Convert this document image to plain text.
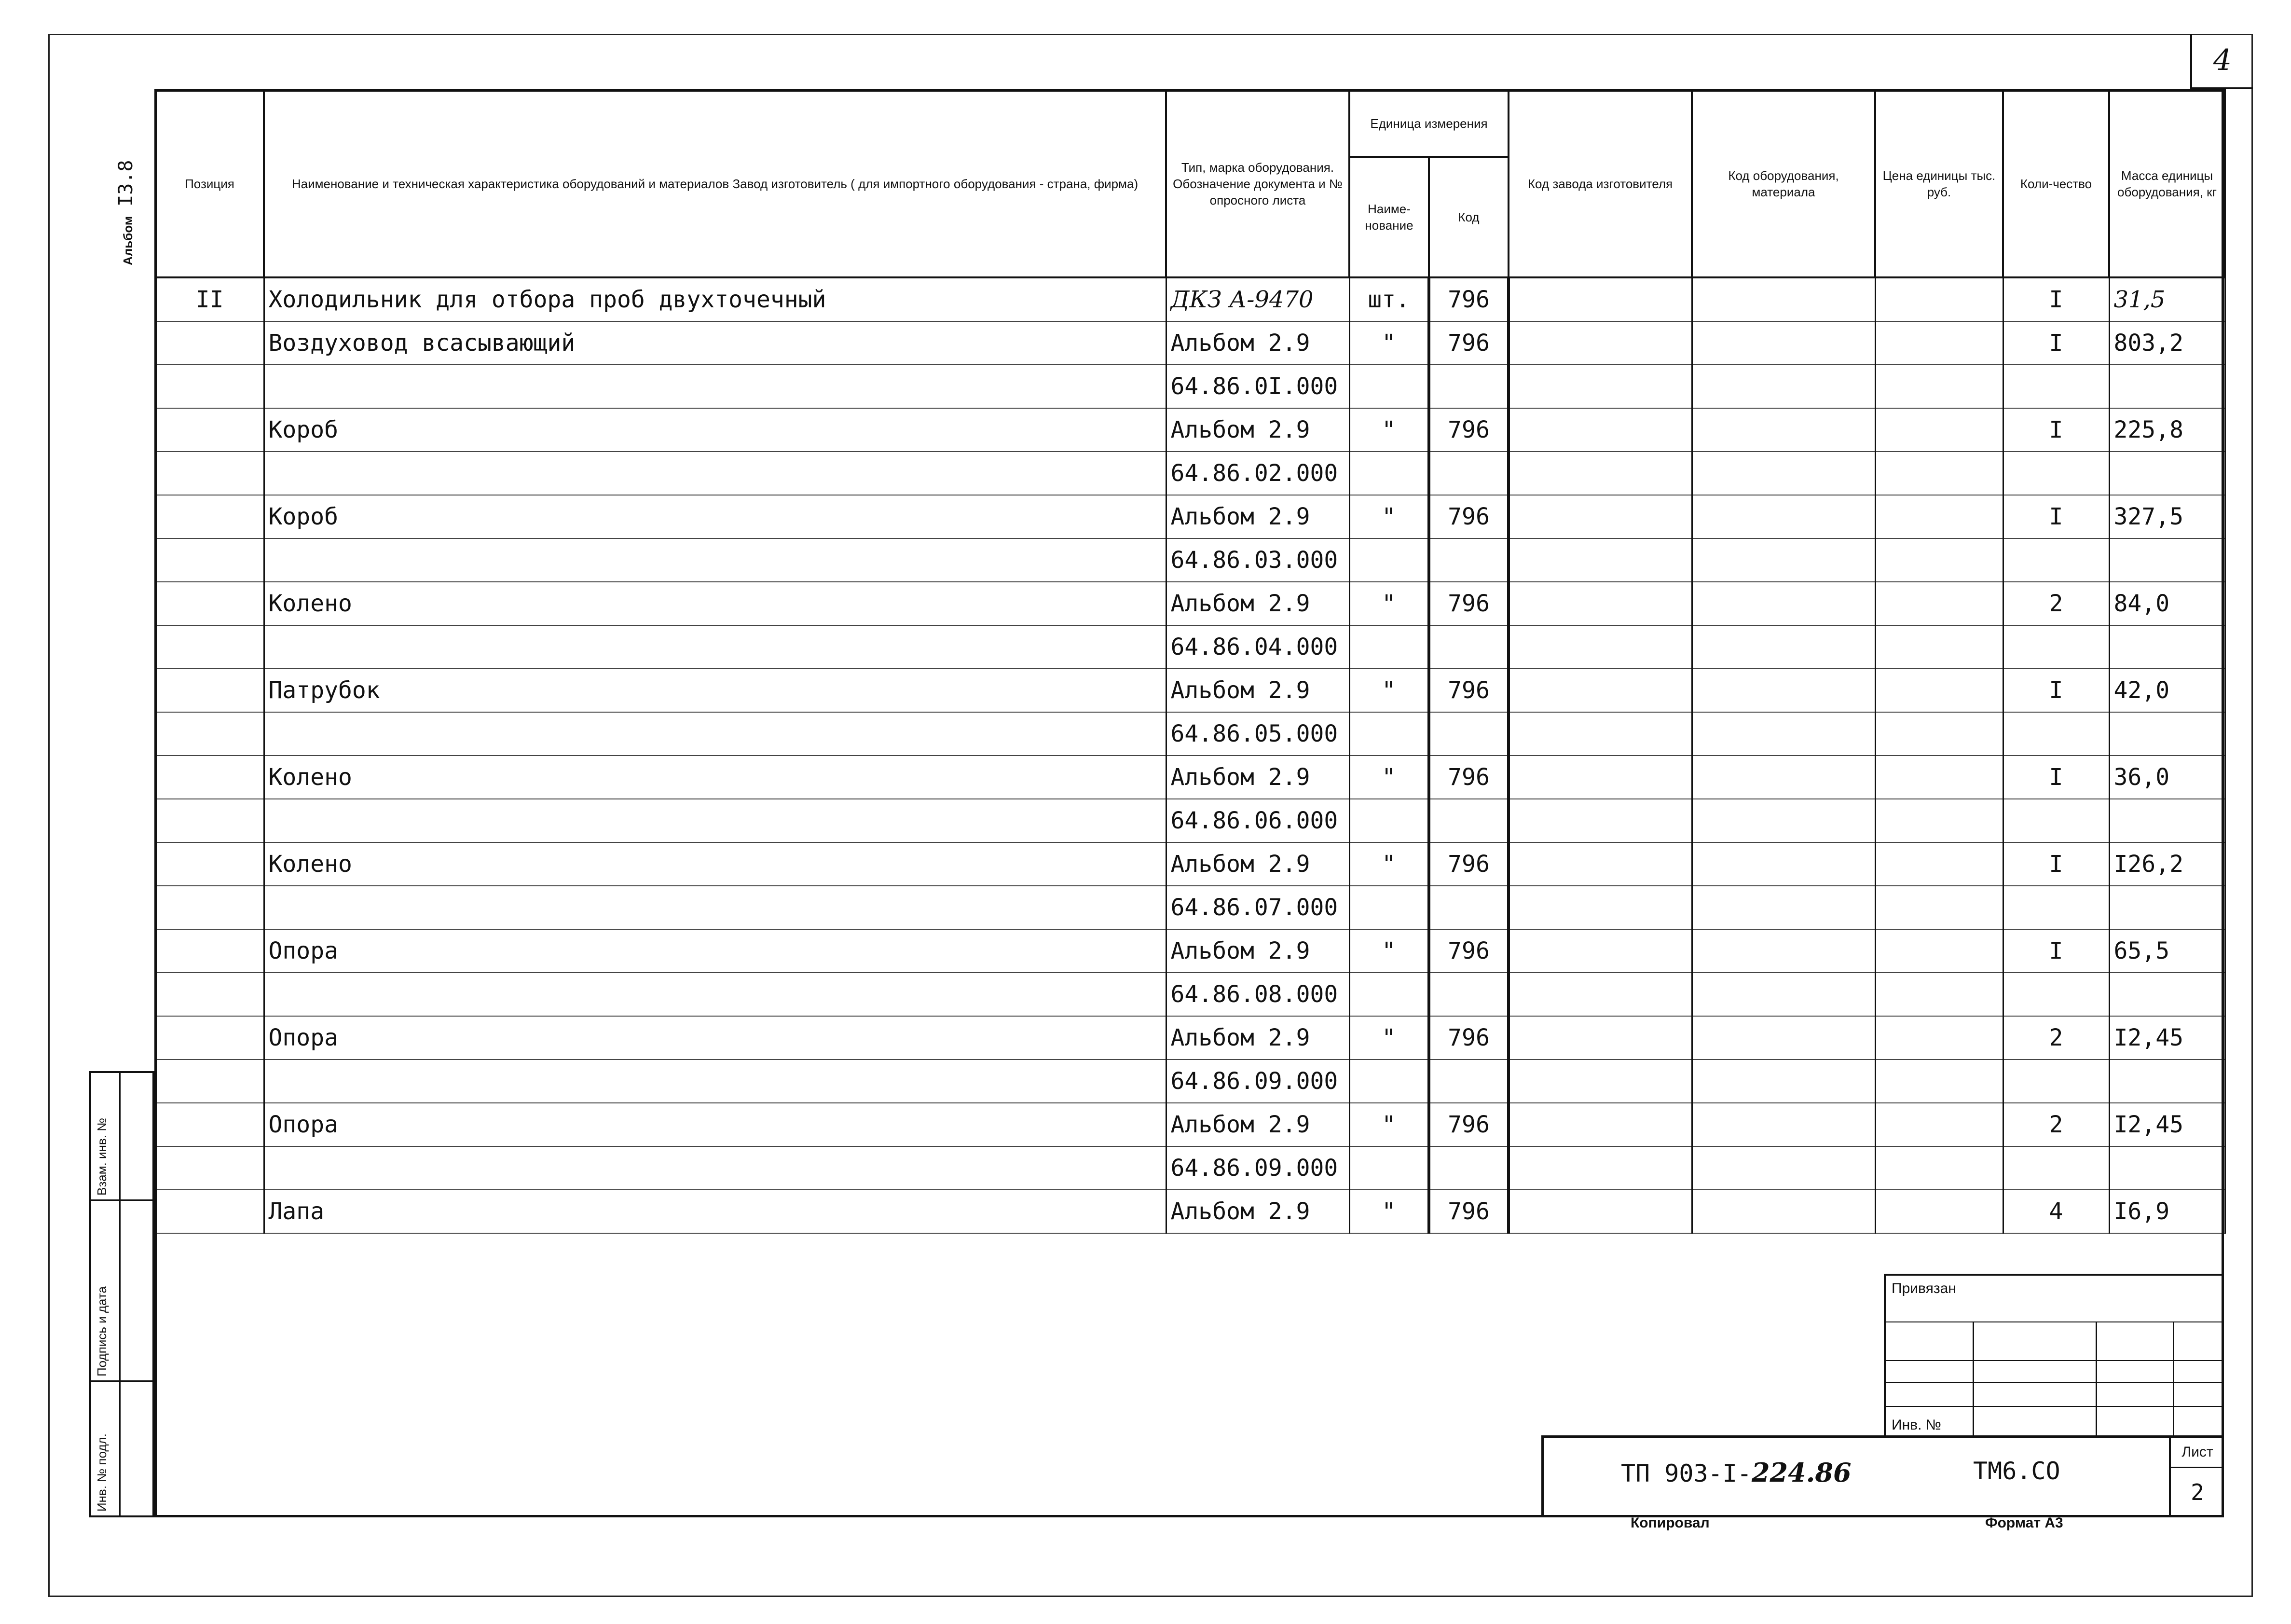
4
АльбомI3.8	Позиция	Наименование и техническая характеристика оборудований и материалов Завод изготовитель ( для импортного оборудования - страна, фирма)	Тип, марка оборудования. Обозначение документа и № опросного листа	Единица измерения		Код завода изготовителя	Код оборудования, материала	Цена единицы тыс. руб.	Коли-чество	Масса единицы оборудования, кг
			Наиме-нование	Код					
II	Холодильник для отбора проб двухточечный	ДКЗ А-9470	шт.	796				I	31,5
	Воздуховод всасывающий	Альбом 2.9	"	796				I	803,2
		64.86.0I.000							
	Короб	Альбом 2.9	"	796				I	225,8
		64.86.02.000							
	Короб	Альбом 2.9	"	796				I	327,5
		64.86.03.000							
	Колено	Альбом 2.9	"	796				2	84,0
		64.86.04.000							
	Патрубок	Альбом 2.9	"	796				I	42,0
		64.86.05.000							
	Колено	Альбом 2.9	"	796				I	36,0
		64.86.06.000							
	Колено	Альбом 2.9	"	796				I	I26,2
		64.86.07.000							
	Опора	Альбом 2.9	"	796				I	65,5
		64.86.08.000							
	Опора	Альбом 2.9	"	796				2	I2,45
		64.86.09.000							
	Опора	Альбом 2.9	"	796				2	I2,45
		64.86.09.000							
	Лапа	Альбом 2.9	"	796				4	I6,9
Привязан
Инв. №
ТП 903-I-224.86	ТМ6.СО
Лист
2
Копировал	Формат А3
Взам. инв. №
Подпись и дата
Инв. № подл.
